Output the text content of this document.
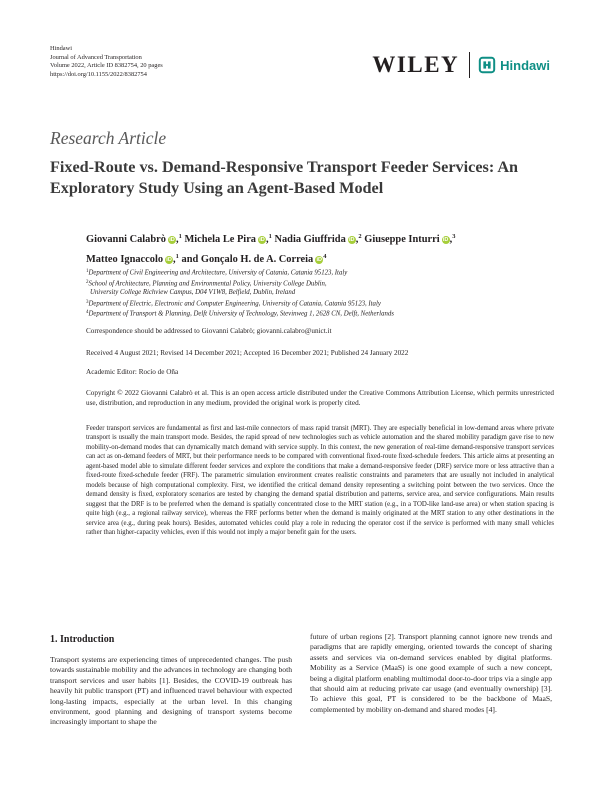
Hindawi
Journal of Advanced Transportation
Volume 2022, Article ID 8382754, 20 pages
https://doi.org/10.1155/2022/8382754	WILEY	Hindawi
Research Article
Fixed-Route vs. Demand-Responsive Transport Feeder Services: An Exploratory Study Using an Agent-Based Model
Giovanni Calabrò iD,$^1$ Michela Le Pira iD,$^1$ Nadia Giuffrida iD,$^2$ Giuseppe Inturri iD,$^3$
Matteo Ignaccolo iD,$^1$ and Gonçalo H. de A. Correia $iD^4$
$^1$Department of Civil Engineering and Architecture, University of Catania, Catania 95123, Italy
$^2$School of Architecture, Planning and Environmental Policy, University College Dublin,
University College Richview Campus, D04 V1W8, Belfield, Dublin, Ireland
$^3$Department of Electric, Electronic and Computer Engineering, University of Catania, Catania 95123, Italy
$^4$Department of Transport & Planning, Delft University of Technology, Stevinweg 1, 2628 CN, Delft, Netherlands
Correspondence should be addressed to Giovanni Calabrò; giovanni.calabro@unict.it
Received 4 August 2021; Revised 14 December 2021; Accepted 16 December 2021; Published 24 January 2022
Academic Editor: Rocío de Oña
Copyright © 2022 Giovanni Calabrò et al. This is an open access article distributed under the Creative Commons Attribution License, which permits unrestricted use, distribution, and reproduction in any medium, provided the original work is properly cited.
Feeder transport services are fundamental as first and last-mile connectors of mass rapid transit (MRT). They are especially beneficial in low-demand areas where private transport is usually the main transport mode. Besides, the rapid spread of new technologies such as vehicle automation and the shared mobility paradigm gave rise to new mobility-on-demand modes that can dynamically match demand with service supply. In this context, the new generation of real-time demand-responsive transport services can act as on-demand feeders of MRT, but their performance needs to be compared with conventional fixed-route fixed-schedule feeders. This article aims at presenting an agent-based model able to simulate different feeder services and explore the conditions that make a demand-responsive feeder (DRF) service more or less attractive than a fixed-route fixed-schedule feeder (FRF). The parametric simulation environment creates realistic constraints and parameters that are usually not included in analytical models because of high computational complexity. First, we identified the critical demand density representing a switching point between the two services. Once the demand density is fixed, exploratory scenarios are tested by changing the demand spatial distribution and patterns, service area, and service configurations. Main results suggest that the DRF is to be preferred when the demand is spatially concentrated close to the MRT station (e.g., in a TOD-like land-use area) or when station spacing is quite high (e.g., a regional railway service), whereas the FRF performs better when the demand is mainly originated at the MRT station to any other destinations in the service area (e.g., during peak hours). Besides, automated vehicles could play a role in reducing the operator cost if the service is performed with many small vehicles rather than higher-capacity vehicles, even if this would not imply a major benefit gain for the users.
1. Introduction
Transport systems are experiencing times of unprecedented changes. The push towards sustainable mobility and the advances in technology are changing both transport services and user habits [1]. Besides, the COVID-19 outbreak has heavily hit public transport (PT) and influenced travel behaviour with expected long-lasting impacts, especially at the urban level. In this changing environment, good planning and designing of transport systems become increasingly important to shape the
future of urban regions [2]. Transport planning cannot ignore new trends and paradigms that are rapidly emerging, oriented towards the concept of sharing assets and services via on-demand services enabled by digital platforms. Mobility as a Service (MaaS) is one good example of such a new concept, being a digital platform enabling multimodal door-to-door trips via a single app that should aim at reducing private car usage (and eventually ownership) [3]. To achieve this goal, PT is considered to be the backbone of MaaS, complemented by mobility on-demand and shared modes [4].
